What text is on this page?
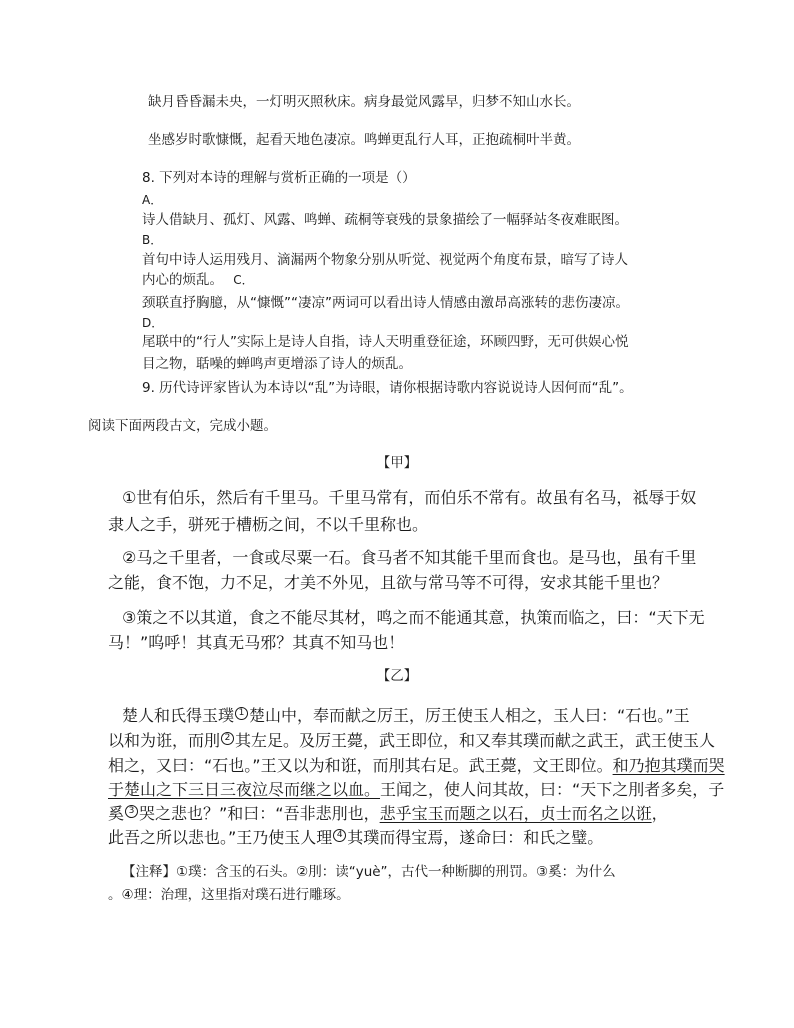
缺月昏昏漏未央，一灯明灭照秋床。病身最觉风露早，归梦不知山水长。
坐感岁时歌慷慨，起看天地色凄凉。鸣蝉更乱行人耳，正抱疏桐叶半黄。
8. 下列对本诗的理解与赏析正确的一项是（）
A．
诗人借缺月、孤灯、风露、鸣蝉、疏桐等衰残的景象描绘了一幅驿站冬夜难眠图。
B．
首句中诗人运用残月、滴漏两个物象分别从听觉、视觉两个角度布景，暗写了诗人
内心的烦乱。 C．
颈联直抒胸臆，从“慷慨”“凄凉”两词可以看出诗人情感由激昂高涨转的悲伤凄凉。
D．
尾联中的“行人”实际上是诗人自指，诗人天明重登征途，环顾四野，无可供娱心悦
目之物，聒噪的蝉鸣声更增添了诗人的烦乱。
9. 历代诗评家皆认为本诗以“乱”为诗眼，请你根据诗歌内容说说诗人因何而“乱”。
阅读下面两段古文，完成小题。
【甲】
①世有伯乐，然后有千里马。千里马常有，而伯乐不常有。故虽有名马，祗辱于奴
隶人之手，骈死于槽枥之间，不以千里称也。
②马之千里者，一食或尽粟一石。食马者不知其能千里而食也。是马也，虽有千里
之能，食不饱，力不足，才美不外见，且欲与常马等不可得，安求其能千里也？
③策之不以其道，食之不能尽其材，鸣之而不能通其意，执策而临之，曰：“天下无
马！”呜呼！其真无马邪？其真不知马也！
【乙】
楚人和氏得玉璞 $^1$ 楚山中，奉而献之厉王，厉王使玉人相之，玉人曰：“石也。”王
以和为诳，而刖 $^2$ 其左足。及厉王薨，武王即位，和又奉其璞而献之武王，武王使玉人
相之，又曰：“石也。”王又以为和诳，而刖其右足。武王薨，文王即位。和乃抱其璞而哭
于楚山之下三日三夜泣尽而继之以血。王闻之，使人问其故，曰：“天下之刖者多矣，子
奚 $^3$ 哭之悲也？”和曰：“吾非悲刖也，悲乎宝玉而题之以石，贞士而名之以诳，
此吾之所以悲也。”王乃使玉人理 $^4$ 其璞而得宝焉，遂命曰：和氏之璧。
【注释】①璞：含玉的石头。②刖：读“yuè”，古代一种断脚的刑罚。③奚：为什么
。④理：治理，这里指对璞石进行雕琢。
